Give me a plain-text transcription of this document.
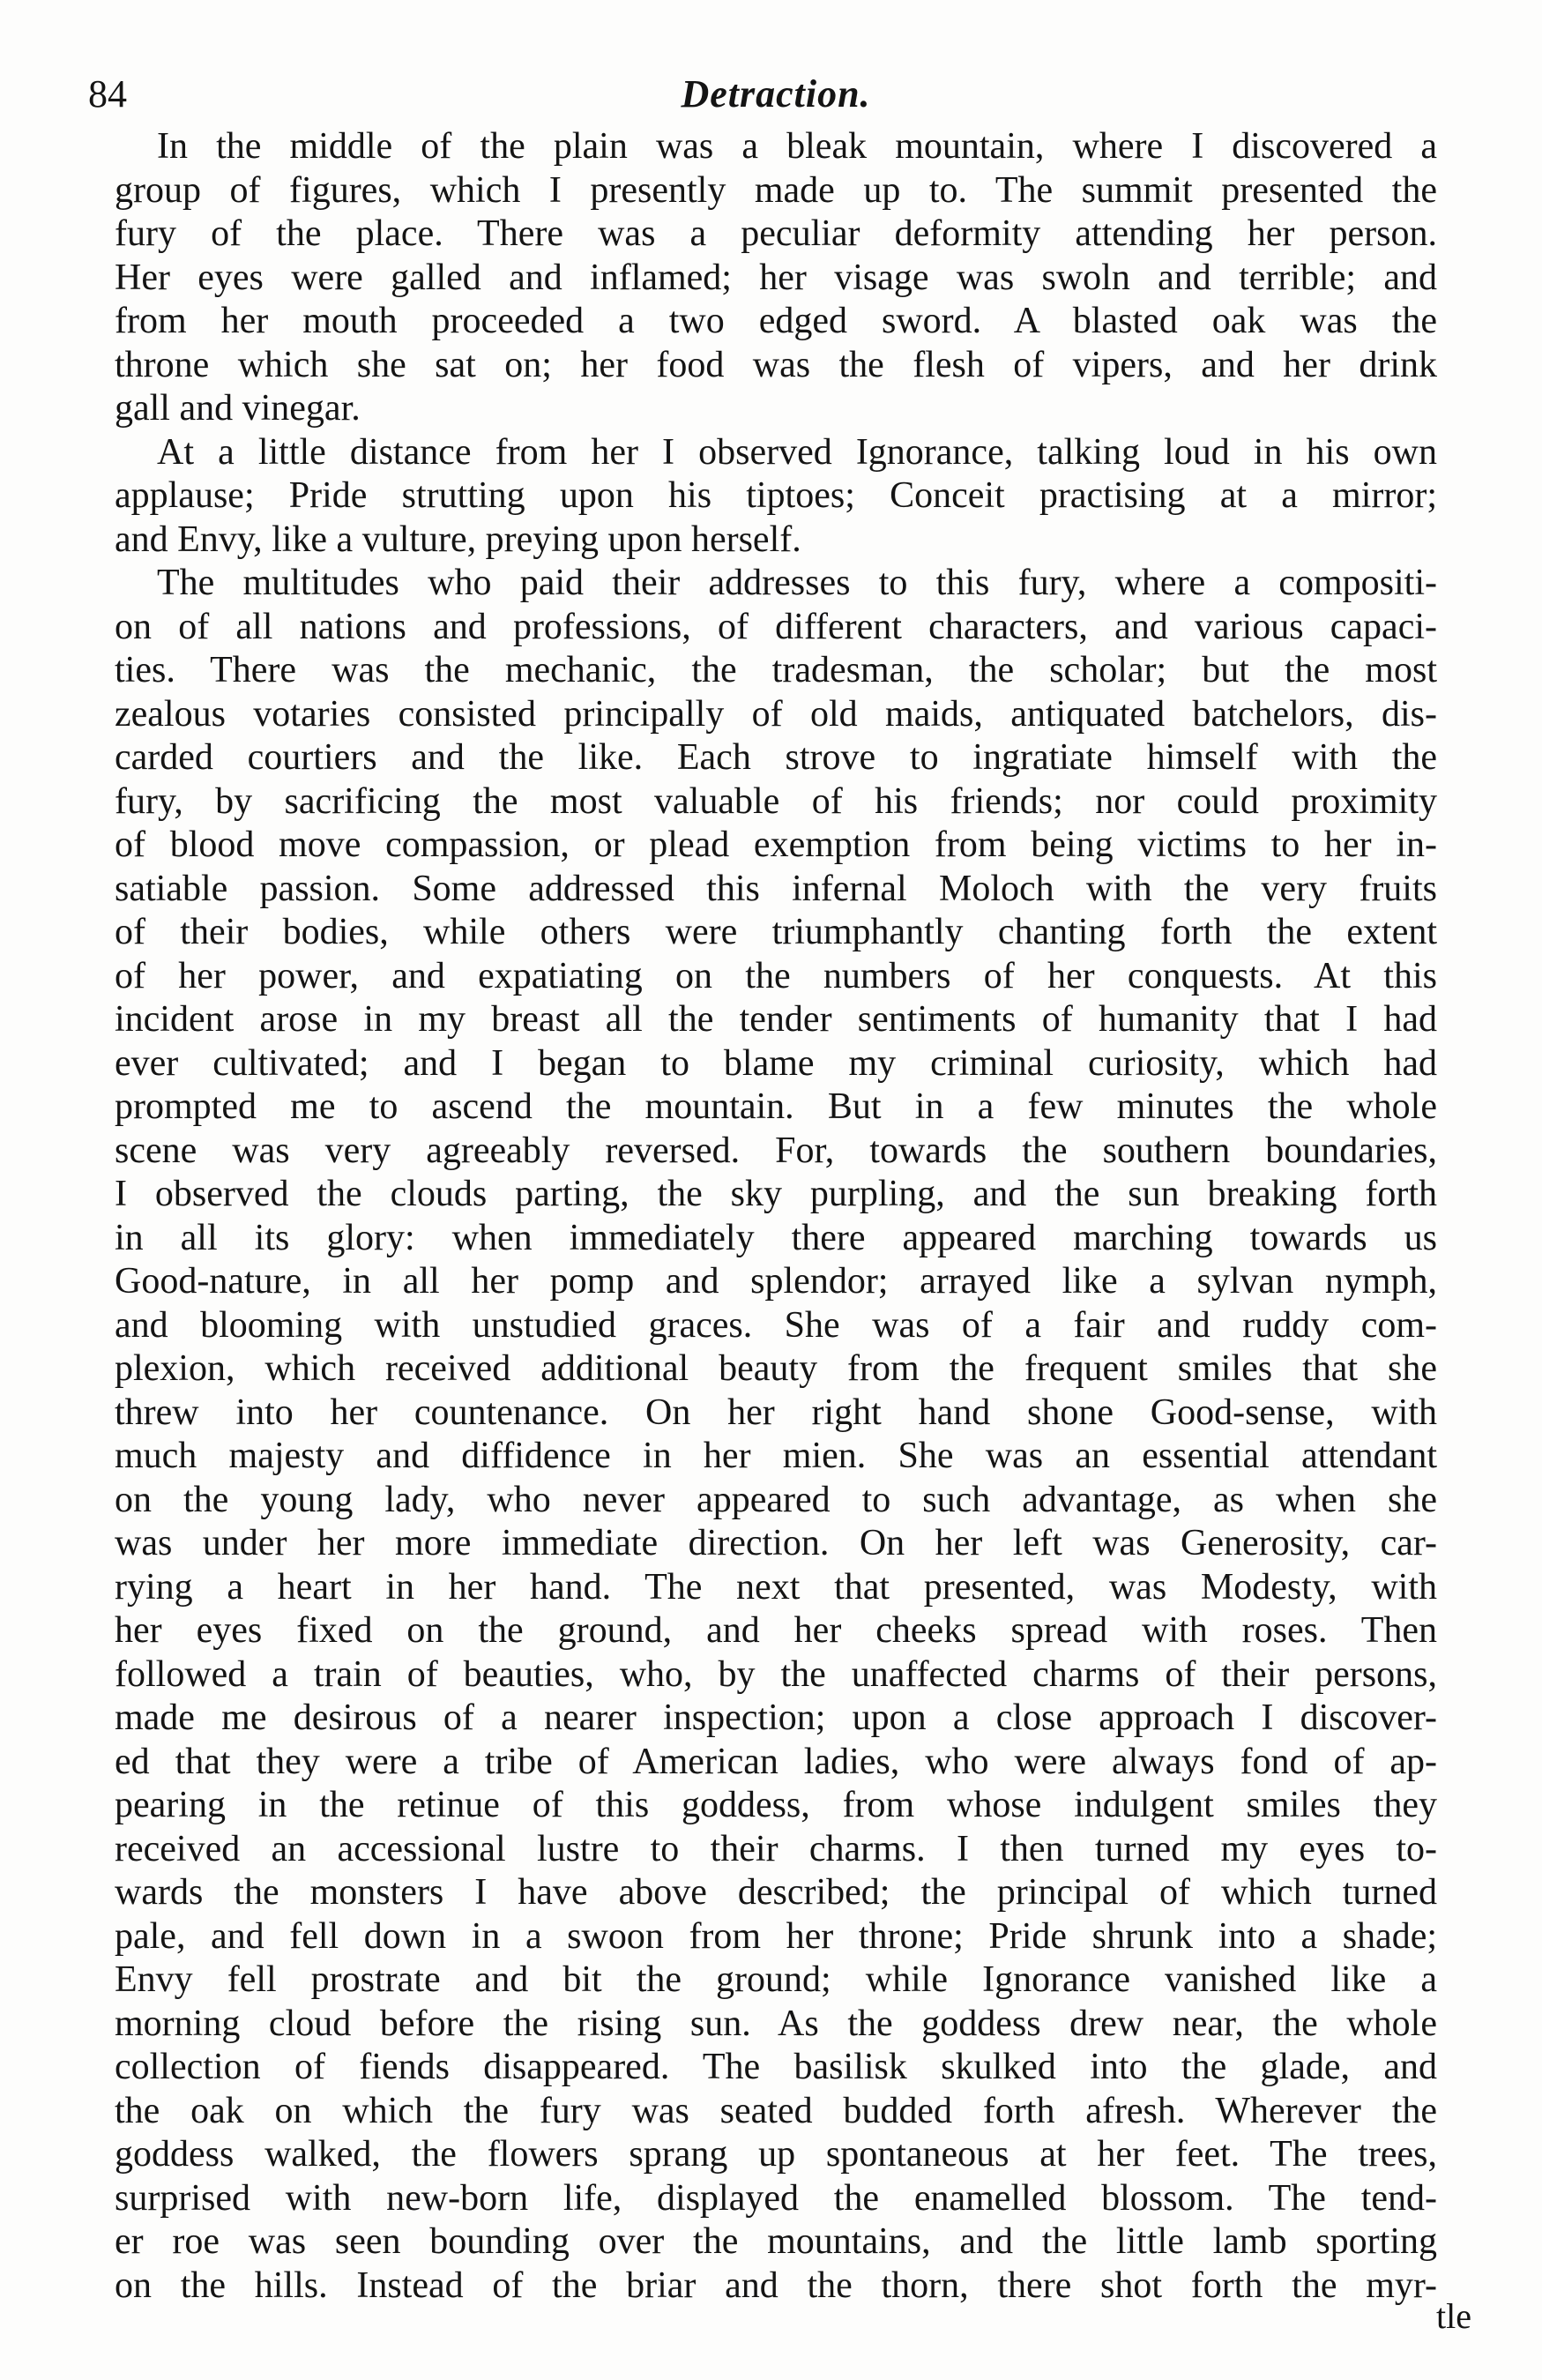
84	Detraction.
In the middle of the plain was a bleak mountain, where I discovered a
group of figures, which I presently made up to. The summit presented the
fury of the place. There was a peculiar deformity attending her person.
Her eyes were galled and inflamed; her visage was swoln and terrible; and
from her mouth proceeded a two edged sword. A blasted oak was the
throne which she sat on; her food was the flesh of vipers, and her drink
gall and vinegar.
At a little distance from her I observed Ignorance, talking loud in his own
applause; Pride strutting upon his tiptoes; Conceit practising at a mirror;
and Envy, like a vulture, preying upon herself.
The multitudes who paid their addresses to this fury, where a compositi-
on of all nations and professions, of different characters, and various capaci-
ties. There was the mechanic, the tradesman, the scholar; but the most
zealous votaries consisted principally of old maids, antiquated batchelors, dis-
carded courtiers and the like. Each strove to ingratiate himself with the
fury, by sacrificing the most valuable of his friends; nor could proximity
of blood move compassion, or plead exemption from being victims to her in-
satiable passion. Some addressed this infernal Moloch with the very fruits
of their bodies, while others were triumphantly chanting forth the extent
of her power, and expatiating on the numbers of her conquests. At this
incident arose in my breast all the tender sentiments of humanity that I had
ever cultivated; and I began to blame my criminal curiosity, which had
prompted me to ascend the mountain. But in a few minutes the whole
scene was very agreeably reversed. For, towards the southern boundaries,
I observed the clouds parting, the sky purpling, and the sun breaking forth
in all its glory: when immediately there appeared marching towards us
Good-nature, in all her pomp and splendor; arrayed like a sylvan nymph,
and blooming with unstudied graces. She was of a fair and ruddy com-
plexion, which received additional beauty from the frequent smiles that she
threw into her countenance. On her right hand shone Good-sense, with
much majesty and diffidence in her mien. She was an essential attendant
on the young lady, who never appeared to such advantage, as when she
was under her more immediate direction. On her left was Generosity, car-
rying a heart in her hand. The next that presented, was Modesty, with
her eyes fixed on the ground, and her cheeks spread with roses. Then
followed a train of beauties, who, by the unaffected charms of their persons,
made me desirous of a nearer inspection; upon a close approach I discover-
ed that they were a tribe of American ladies, who were always fond of ap-
pearing in the retinue of this goddess, from whose indulgent smiles they
received an accessional lustre to their charms. I then turned my eyes to-
wards the monsters I have above described; the principal of which turned
pale, and fell down in a swoon from her throne; Pride shrunk into a shade;
Envy fell prostrate and bit the ground; while Ignorance vanished like a
morning cloud before the rising sun. As the goddess drew near, the whole
collection of fiends disappeared. The basilisk skulked into the glade, and
the oak on which the fury was seated budded forth afresh. Wherever the
goddess walked, the flowers sprang up spontaneous at her feet. The trees,
surprised with new-born life, displayed the enamelled blossom. The tend-
er roe was seen bounding over the mountains, and the little lamb sporting
on the hills. Instead of the briar and the thorn, there shot forth the myr-
tle
